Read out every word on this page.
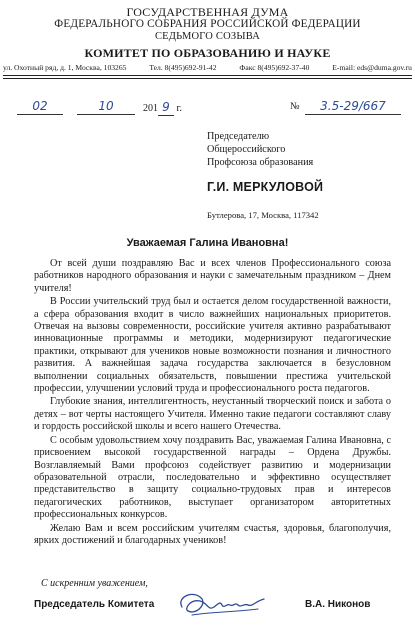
ГОСУДАРСТВЕННАЯ ДУМА
ФЕДЕРАЛЬНОГО СОБРАНИЯ РОССИЙСКОЙ ФЕДЕРАЦИИ
СЕДЬМОГО СОЗЫВА
КОМИТЕТ ПО ОБРАЗОВАНИЮ И НАУКЕ
ул. Охотный ряд, д. 1, Москва, 103265	Тел. 8(495)692-91-42	Факс 8(495)692-37-40	E-mail: eds@duma.gov.ru
02	10	201 9 г.	№	3.5-29/667
Председателю
Общероссийского
Профсоюза образования
Г.И. МЕРКУЛОВОЙ
Бутлерова, 17, Москва, 117342
Уважаемая Галина Ивановна!

От всей души поздравляю Вас и всех членов Профессионального союза работников народного образования и науки с замечательным праздником – Днем учителя!

В России учительский труд был и остается делом государственной важности, а сфера образования входит в число важнейших национальных приоритетов. Отвечая на вызовы современности, российские учителя активно разрабатывают инновационные программы и методики, модернизируют педагогические практики, открывают для учеников новые возможности познания и личностного развития. А важнейшая задача государства заключается в безусловном выполнении социальных обязательств, повышении престижа учительской профессии, улучшении условий труда и профессионального роста педагогов.

Глубокие знания, интеллигентность, неустанный творческий поиск и забота о детях – вот черты настоящего Учителя. Именно такие педагоги составляют славу и гордость российской школы и всего нашего Отечества.

С особым удовольствием хочу поздравить Вас, уважаемая Галина Ивановна, с присвоением высокой государственной награды – Ордена Дружбы. Возглавляемый Вами профсоюз содействует развитию и модернизации образовательной отрасли, последовательно и эффективно осуществляет представительство в защиту социально-трудовых прав и интересов педагогических работников, выступает организатором авторитетных профессиональных конкурсов.

Желаю Вам и всем российским учителям счастья, здоровья, благополучия, ярких достижений и благодарных учеников!

С искренним уважением,
Председатель Комитета	В.А. Никонов
